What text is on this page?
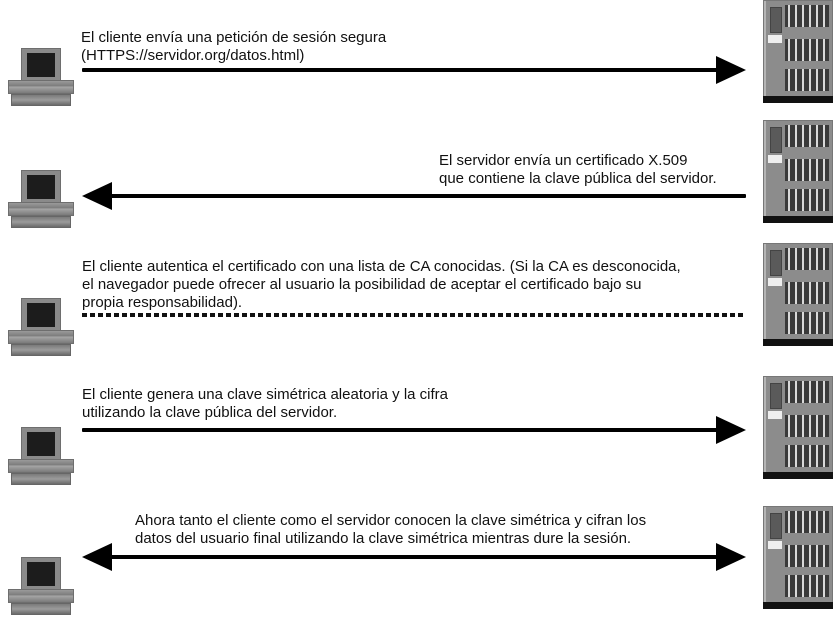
El cliente envía una petición de sesión segura
(HTTPS://servidor.org/datos.html)
El servidor envía un certificado X.509
que contiene la clave pública del servidor.
El cliente autentica el certificado con una lista de CA conocidas. (Si la CA es desconocida,
el navegador puede ofrecer al usuario la posibilidad de aceptar el certificado bajo su
propia responsabilidad).
El cliente genera una clave simétrica aleatoria y la cifra
utilizando la clave pública del servidor.
Ahora tanto el cliente como el servidor conocen la clave simétrica y cifran los
datos del usuario final utilizando la clave simétrica mientras dure la sesión.
